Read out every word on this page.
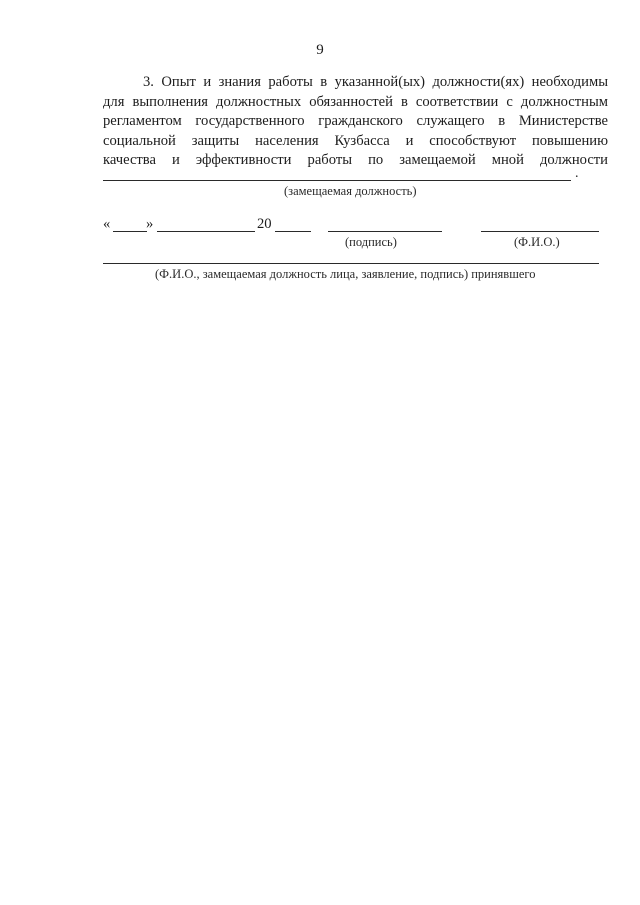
9
3. Опыт и знания работы в указанной(ых) должности(ях) необходимы
для выполнения должностных обязанностей в соответствии с должностным
регламентом государственного гражданского служащего в Министерстве
социальной защиты населения Кузбасса и способствуют повышению
качества и эффективности работы по замещаемой мной должности
.
(замещаемая должность)
« »	20
(подпись)	(Ф.И.О.)
(Ф.И.О., замещаемая должность лица, заявление, подпись) принявшего
